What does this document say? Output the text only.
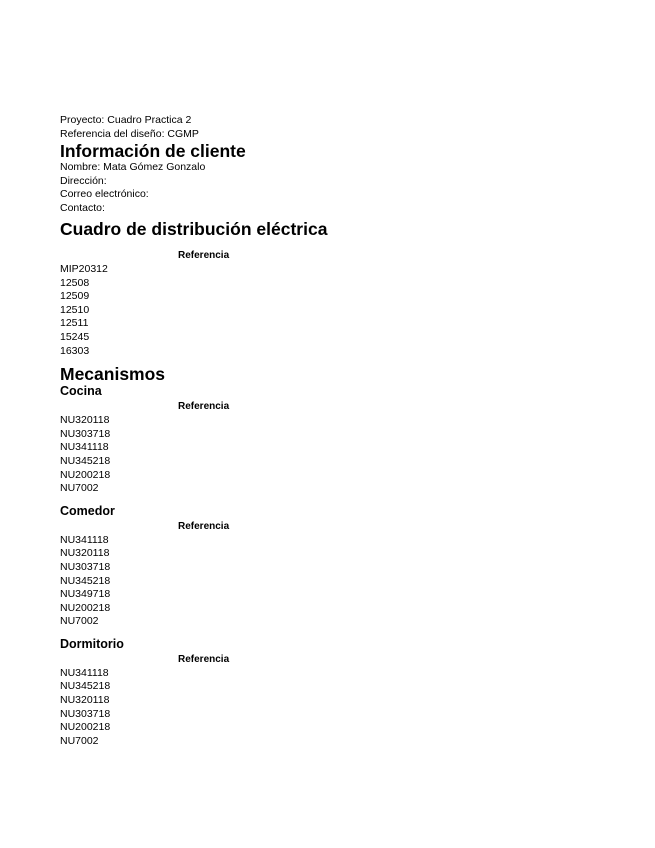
Proyecto: Cuadro Practica 2
Referencia del diseño: CGMP
Información de cliente
Nombre: Mata Gómez Gonzalo
Dirección:
Correo electrónico:
Contacto:
Cuadro de distribución eléctrica
	Referencia
MIP20312
12508
12509
12510
12511
15245
16303
Mecanismos
Cocina
	Referencia
NU320118
NU303718
NU341118
NU345218
NU200218
NU7002
Comedor
	Referencia
NU341118
NU320118
NU303718
NU345218
NU349718
NU200218
NU7002
Dormitorio
	Referencia
NU341118
NU345218
NU320118
NU303718
NU200218
NU7002
